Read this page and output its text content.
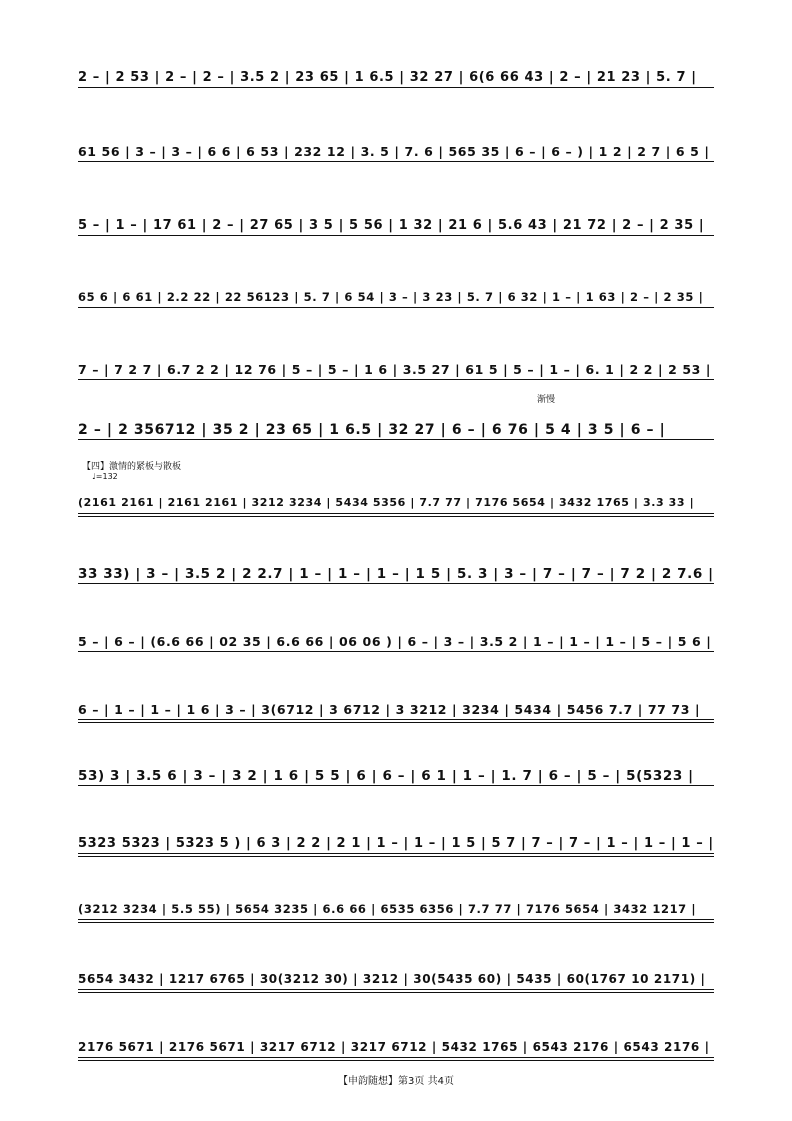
2 – | 2 53 | 2 – | 2 – | 3.5 2 | 23 65 | 1 6.5 | 32 27 | 6(6 66 43 | 2 – | 21 23 | 5. 7 |
61 56 | 3 – | 3 – | 6 6 | 6 53 | 232 12 | 3. 5 | 7. 6 | 565 35 | 6 – | 6 – ) | 1 2 | 2 7 | 6 5 |
5 – | 1 – | 17 61 | 2 – | 27 65 | 3 5 | 5 56 | 1 32 | 21 6 | 5.6 43 | 21 72 | 2 – | 2 35 |
65 6 | 6 61 | 2.2 22 | 22 56123 | 5. 7 | 6 54 | 3 – | 3 23 | 5. 7 | 6 32 | 1 – | 1 63 | 2 – | 2 35 |
7 – | 7 2 7 | 6.7 2 2 | 12 76 | 5 – | 5 – | 1 6 | 3.5 27 | 61 5 | 5 – | 1 – | 6. 1 | 2 2 | 2 53 |
渐慢
2 – | 2 356712 | 35 2 | 23 65 | 1 6.5 | 32 27 | 6 – | 6 76 | 5 4 | 3 5 | 6 – |
【四】激情的紧板与散板
♩=132
(2161 2161 | 2161 2161 | 3212 3234 | 5434 5356 | 7.7 77 | 7176 5654 | 3432 1765 | 3.3 33 |
33 33) | 3 – | 3.5 2 | 2 2.7 | 1 – | 1 – | 1 – | 1 5 | 5. 3 | 3 – | 7 – | 7 – | 7 2 | 2 7.6 |
5 – | 6 – | (6.6 66 | 02 35 | 6.6 66 | 06 06 ) | 6 – | 3 – | 3.5 2 | 1 – | 1 – | 1 – | 5 – | 5 6 |
6 – | 1 – | 1 – | 1 6 | 3 – | 3(6712 | 3 6712 | 3 3212 | 3234 | 5434 | 5456 7.7 | 77 73 |
53) 3 | 3.5 6 | 3 – | 3 2 | 1 6 | 5 5 | 6 | 6 – | 6 1 | 1 – | 1. 7 | 6 – | 5 – | 5(5323 |
5323 5323 | 5323 5 ) | 6 3 | 2 2 | 2 1 | 1 – | 1 – | 1 5 | 5 7 | 7 – | 7 – | 1 – | 1 – | 1 – |
(3212 3234 | 5.5 55) | 5654 3235 | 6.6 66 | 6535 6356 | 7.7 77 | 7176 5654 | 3432 1217 |
5654 3432 | 1217 6765 | 30(3212 30) | 3212 | 30(5435 60) | 5435 | 60(1767 10 2171) |
2176 5671 | 2176 5671 | 3217 6712 | 3217 6712 | 5432 1765 | 6543 2176 | 6543 2176 |
【申韵随想】第3页 共4页
